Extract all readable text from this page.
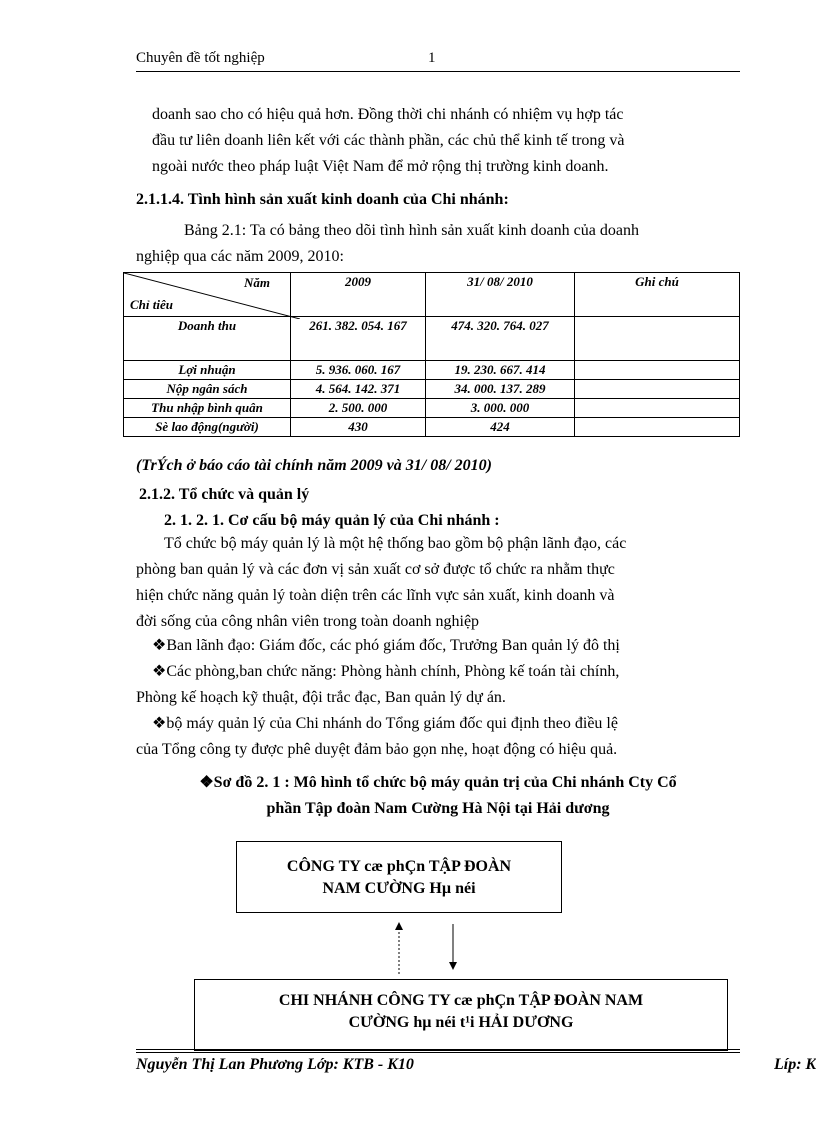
Chuyên đề tốt nghiệp	1
doanh sao cho có hiệu quả hơn. Đồng thời chi nhánh có nhiệm vụ hợp tác
đầu tư liên doanh liên kết với các thành phần, các chủ thể kinh tế trong và
ngoài nước theo pháp luật Việt Nam để mở rộng thị trường kinh doanh.
2.1.1.4. Tình hình sản xuất kinh doanh của Chi nhánh:
Bảng 2.1: Ta có bảng theo dõi tình hình sản xuất kinh doanh của doanh
nghiệp qua các năm 2009, 2010:
Năm
Chỉ tiêu	2009	31/ 08/ 2010	Ghi chú
Doanh thu	261. 382. 054. 167	474. 320. 764. 027	
Lợi nhuận	5. 936. 060. 167	19. 230. 667. 414	
Nộp ngân sách	4. 564. 142. 371	34. 000. 137. 289	
Thu nhập bình quân	2. 500. 000	3. 000. 000	
Sè lao động(người)	430	424	
(TrÝch ở báo cáo tài chính năm 2009 và 31/ 08/ 2010)
2.1.2. Tổ chức và quản lý
2. 1. 2. 1. Cơ cấu bộ máy quản lý của Chi nhánh :
Tổ chức bộ máy quản lý là một hệ thống bao gồm bộ phận lãnh đạo, các
phòng ban quản lý và các đơn vị sản xuất cơ sở được tổ chức ra nhằm thực
hiện chức năng quản lý toàn diện trên các lĩnh vực sản xuất, kinh doanh và
đời sống của công nhân viên trong toàn doanh nghiệp
❖Ban lãnh đạo: Giám đốc, các phó giám đốc, Trưởng Ban quản lý đô thị
❖Các phòng,ban chức năng: Phòng hành chính, Phòng kế toán tài chính,
Phòng kế hoạch kỹ thuật, đội trắc đạc, Ban quản lý dự án.
❖bộ máy quản lý của Chi nhánh do Tổng giám đốc qui định theo điều lệ
của Tổng công ty được phê duyệt đảm bảo gọn nhẹ, hoạt động có hiệu quả.
❖Sơ đồ 2. 1 : Mô hình tổ chức bộ máy quản trị của Chi nhánh Cty Cổ
phần Tập đoàn Nam Cường Hà Nội tại Hải dương
CÔNG TY cæ phÇn TẬP ĐOÀN
NAM CƯỜNG Hµ néi
CHI NHÁNH CÔNG TY cæ phÇn TẬP ĐOÀN NAM
CƯỜNG hµ néi t¹i HẢI DƯƠNG
Nguyễn Thị Lan Phương Lớp: KTB - K10	Líp: K
